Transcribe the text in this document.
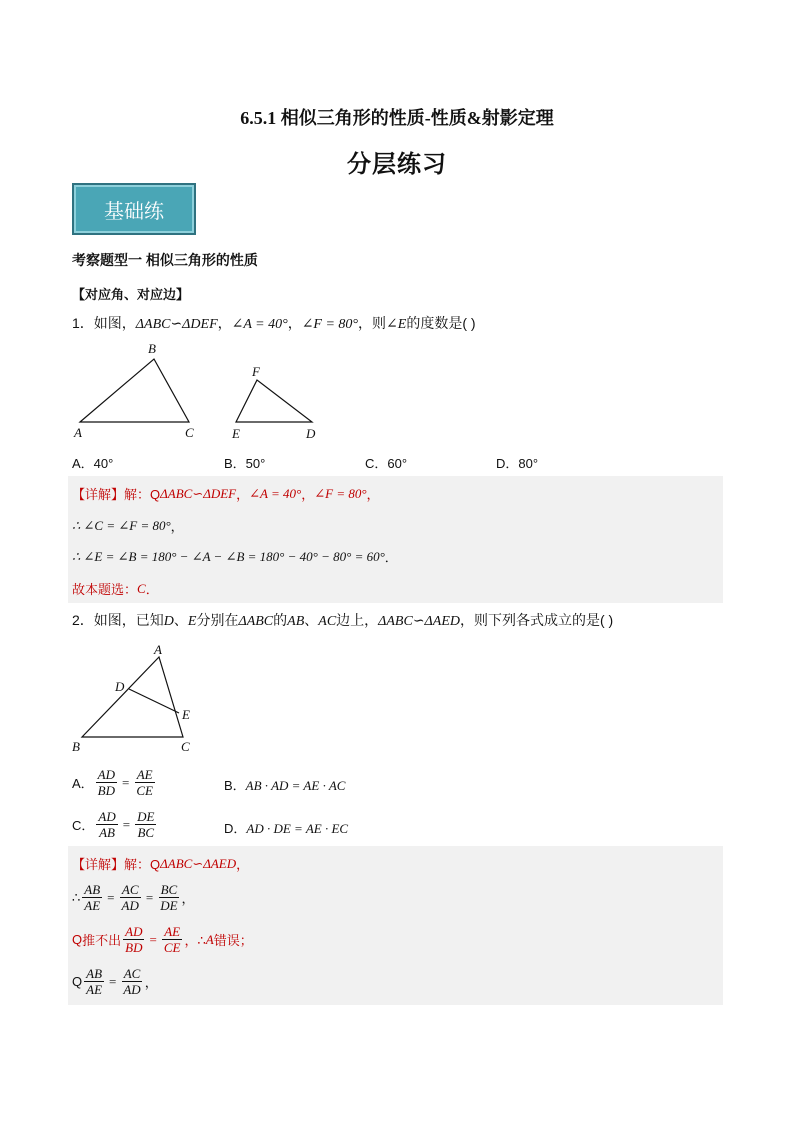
6.5.1 相似三角形的性质-性质&射影定理
分层练习
基础练
考察题型一 相似三角形的性质
【对应角、对应边】
1．如图，ΔABC∽ΔDEF，∠A = 40°，∠F = 80°，则∠E的度数是( )
A
B
C
F
E	D
A．40°	B．50°	C．60°	D．80°
【详解】 解：Q ΔABC∽ΔDEF ， ∠A = 40° ， ∠F = 80° ，
∴ ∠C = ∠F = 80° ，
∴ ∠E = ∠B = 180° − ∠A − ∠B = 180° − 40° − 80° = 60° ．
故本题选： C ．
2．如图，已知D、E分别在ΔABC的AB、AC边上，ΔABC∽ΔAED，则下列各式成立的是( )
A
D
E
B	C
A． $\frac{AD}{BD} = \frac{AE}{CE}$	B．AB · AD = AE · AC
C． $\frac{AD}{AB} = \frac{DE}{BC}$	D．AD · DE = AE · EC
【详解】 解：Q ΔABC∽ΔAED ，
∴ $\frac{AB}{AE} = \frac{AC}{AD} = \frac{BC}{DE}$ ，
Q 推不出 $\frac{AD}{BD} = \frac{AE}{CE}$ ，∴ A 错误；
Q $\frac{AB}{AE} = \frac{AC}{AD}$ ，
